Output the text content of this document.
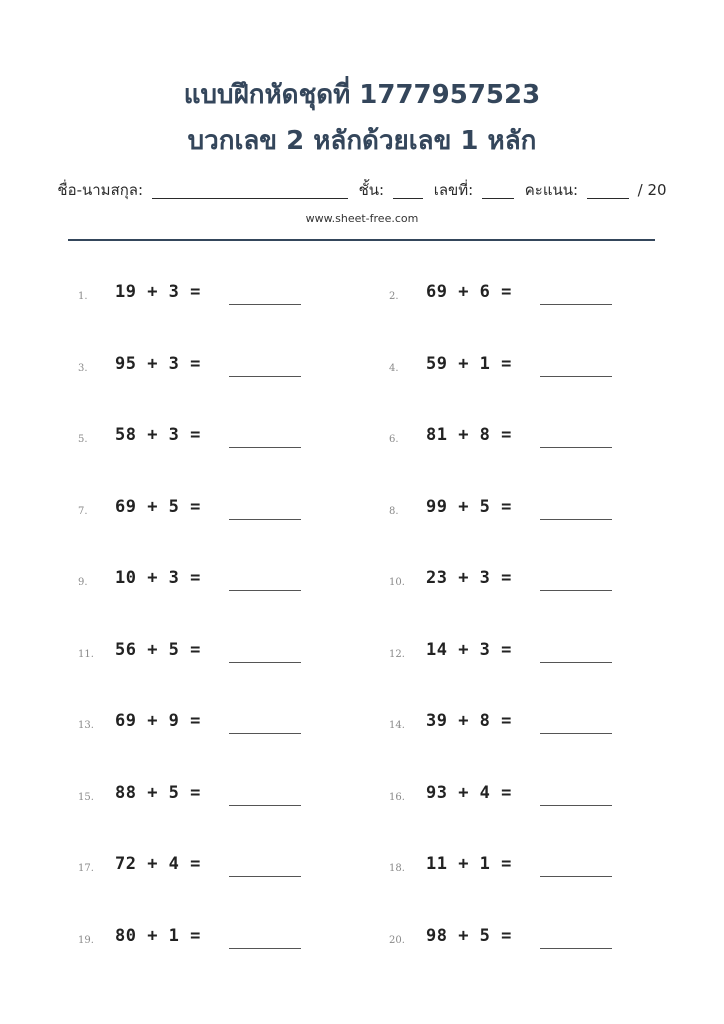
แบบฝึกหัดชุดที่ 1777957523
บวกเลข 2 หลักด้วยเลข 1 หลัก
ชื่อ-นามสกุล:	ชั้น:	เลขที่:	คะแนน:	/ 20
www.sheet-free.com
1. 19 + 3 =	2. 69 + 6 =
3. 95 + 3 =	4. 59 + 1 =
5. 58 + 3 =	6. 81 + 8 =
7. 69 + 5 =	8. 99 + 5 =
9. 10 + 3 =	10. 23 + 3 =
11. 56 + 5 =	12. 14 + 3 =
13. 69 + 9 =	14. 39 + 8 =
15. 88 + 5 =	16. 93 + 4 =
17. 72 + 4 =	18. 11 + 1 =
19. 80 + 1 =	20. 98 + 5 =
